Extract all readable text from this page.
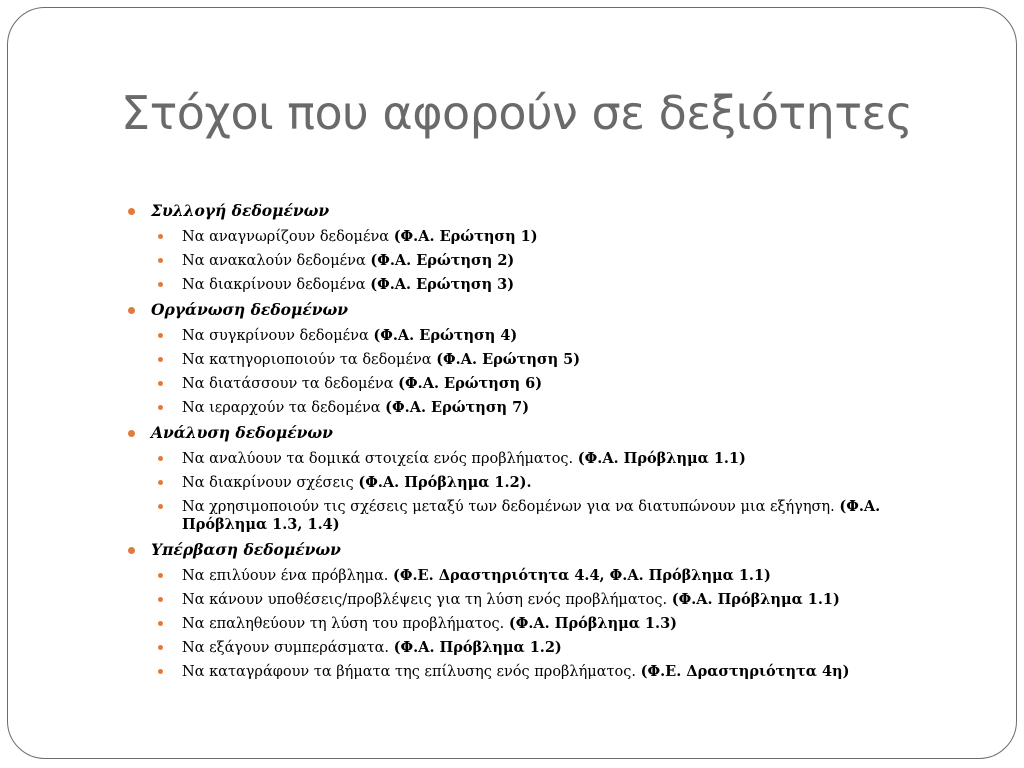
Στόχοι που αφορούν σε δεξιότητες
Συλλογή δεδομένων
Να αναγνωρίζουν δεδομένα (Φ.Α. Ερώτηση 1)
Να ανακαλούν δεδομένα (Φ.Α. Ερώτηση 2)
Να διακρίνουν δεδομένα (Φ.Α. Ερώτηση 3)
Οργάνωση δεδομένων
Να συγκρίνουν δεδομένα (Φ.Α. Ερώτηση 4)
Να κατηγοριοποιούν τα δεδομένα (Φ.Α. Ερώτηση 5)
Να διατάσσουν τα δεδομένα (Φ.Α. Ερώτηση 6)
Να ιεραρχούν τα δεδομένα (Φ.Α. Ερώτηση 7)
Ανάλυση δεδομένων
Να αναλύουν τα δομικά στοιχεία ενός προβλήματος. (Φ.Α. Πρόβλημα 1.1)
Να διακρίνουν σχέσεις (Φ.Α. Πρόβλημα 1.2).
Να χρησιμοποιούν τις σχέσεις μεταξύ των δεδομένων για να διατυπώνουν μια εξήγηση. (Φ.Α. Πρόβλημα 1.3, 1.4)
Υπέρβαση δεδομένων
Να επιλύουν ένα πρόβλημα. (Φ.Ε. Δραστηριότητα 4.4, Φ.Α. Πρόβλημα 1.1)
Να κάνουν υποθέσεις/προβλέψεις για τη λύση ενός προβλήματος. (Φ.Α. Πρόβλημα 1.1)
Να επαληθεύουν τη λύση του προβλήματος. (Φ.Α. Πρόβλημα 1.3)
Να εξάγουν συμπεράσματα. (Φ.Α. Πρόβλημα 1.2)
Να καταγράφουν τα βήματα της επίλυσης ενός προβλήματος. (Φ.Ε. Δραστηριότητα 4η)
